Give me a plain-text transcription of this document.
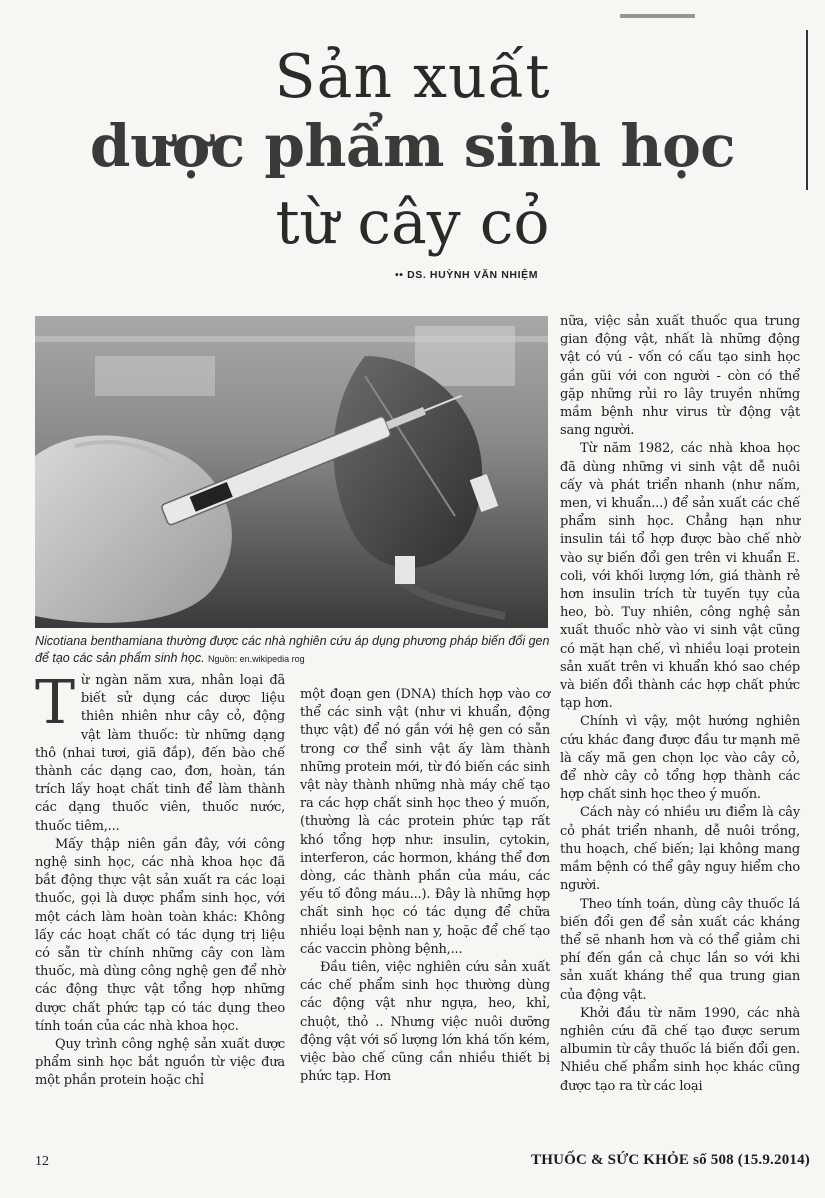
Sản xuất
dược phẩm sinh học
từ cây cỏ
•• DS. HUỲNH VĂN NHIỆM
Nicotiana benthamiana thường được các nhà nghiên cứu áp dụng phương pháp biến đổi gen để tạo các sản phẩm sinh học. Nguồn: en.wikipedia rog
T ừ ngàn năm xưa, nhân loại đã biết sử dụng các dược liệu thiên nhiên như cây cỏ, động vật làm thuốc: từ những dạng thô (nhai tươi, giã đắp), đến bào chế thành các dạng cao, đơn, hoàn, tán trích lấy hoạt chất tinh để làm thành các dạng thuốc viên, thuốc nước, thuốc tiêm,...

Mấy thập niên gần đây, với công nghệ sinh học, các nhà khoa học đã bắt động thực vật sản xuất ra các loại thuốc, gọi là dược phẩm sinh học, với một cách làm hoàn toàn khác: Không lấy các hoạt chất có tác dụng trị liệu có sẵn từ chính những cây con làm thuốc, mà dùng công nghệ gen để nhờ các động thực vật tổng hợp những dược chất phức tạp có tác dụng theo tính toán của các nhà khoa học.

Quy trình công nghệ sản xuất dược phẩm sinh học bắt nguồn từ việc đưa một phần protein hoặc chỉ

một đoạn gen (DNA) thích hợp vào cơ thể các sinh vật (như vi khuẩn, động thực vật) để nó gắn với hệ gen có sẵn trong cơ thể sinh vật ấy làm thành những protein mới, từ đó biến các sinh vật này thành những nhà máy chế tạo ra các hợp chất sinh học theo ý muốn, (thường là các protein phức tạp rất khó tổng hợp như: insulin, cytokin, interferon, các hormon, kháng thể đơn dòng, các thành phần của máu, các yếu tố đông máu...). Đây là những hợp chất sinh học có tác dụng để chữa nhiều loại bệnh nan y, hoặc để chế tạo các vaccin phòng bệnh,...

Đầu tiên, việc nghiên cứu sản xuất các chế phẩm sinh học thường dùng các động vật như ngựa, heo, khỉ, chuột, thỏ .. Nhưng việc nuôi dưỡng động vật với số lượng lớn khá tốn kém, việc bào chế cũng cần nhiều thiết bị phức tạp. Hơn

nữa, việc sản xuất thuốc qua trung gian động vật, nhất là những động vật có vú - vốn có cấu tạo sinh học gần gũi với con người - còn có thể gặp những rủi ro lây truyền những mầm bệnh như virus từ động vật sang người.

Từ năm 1982, các nhà khoa học đã dùng những vi sinh vật dễ nuôi cấy và phát triển nhanh (như nấm, men, vi khuẩn...) để sản xuất các chế phẩm sinh học. Chẳng hạn như insulin tái tổ hợp được bào chế nhờ vào sự biến đổi gen trên vi khuẩn E. coli, với khối lượng lớn, giá thành rẻ hơn insulin trích từ tuyến tụy của heo, bò. Tuy nhiên, công nghệ sản xuất thuốc nhờ vào vi sinh vật cũng có mặt hạn chế, vì nhiều loại protein sản xuất trên vi khuẩn khó sao chép và biến đổi thành các hợp chất phức tạp hơn.

Chính vì vậy, một hướng nghiên cứu khác đang được đầu tư mạnh mẽ là cấy mã gen chọn lọc vào cây cỏ, để nhờ cây cỏ tổng hợp thành các hợp chất sinh học theo ý muốn.

Cách này có nhiều ưu điểm là cây cỏ phát triển nhanh, dễ nuôi trồng, thu hoạch, chế biến; lại không mang mầm bệnh có thể gây nguy hiểm cho người.

Theo tính toán, dùng cây thuốc lá biến đổi gen để sản xuất các kháng thể sẽ nhanh hơn và có thể giảm chi phí đến gần cả chục lần so với khi sản xuất kháng thể qua trung gian của động vật.

Khởi đầu từ năm 1990, các nhà nghiên cứu đã chế tạo được serum albumin từ cây thuốc lá biến đổi gen. Nhiều chế phẩm sinh học khác cũng được tạo ra từ các loại

12	THUỐC & SỨC KHỎE số 508 (15.9.2014)
